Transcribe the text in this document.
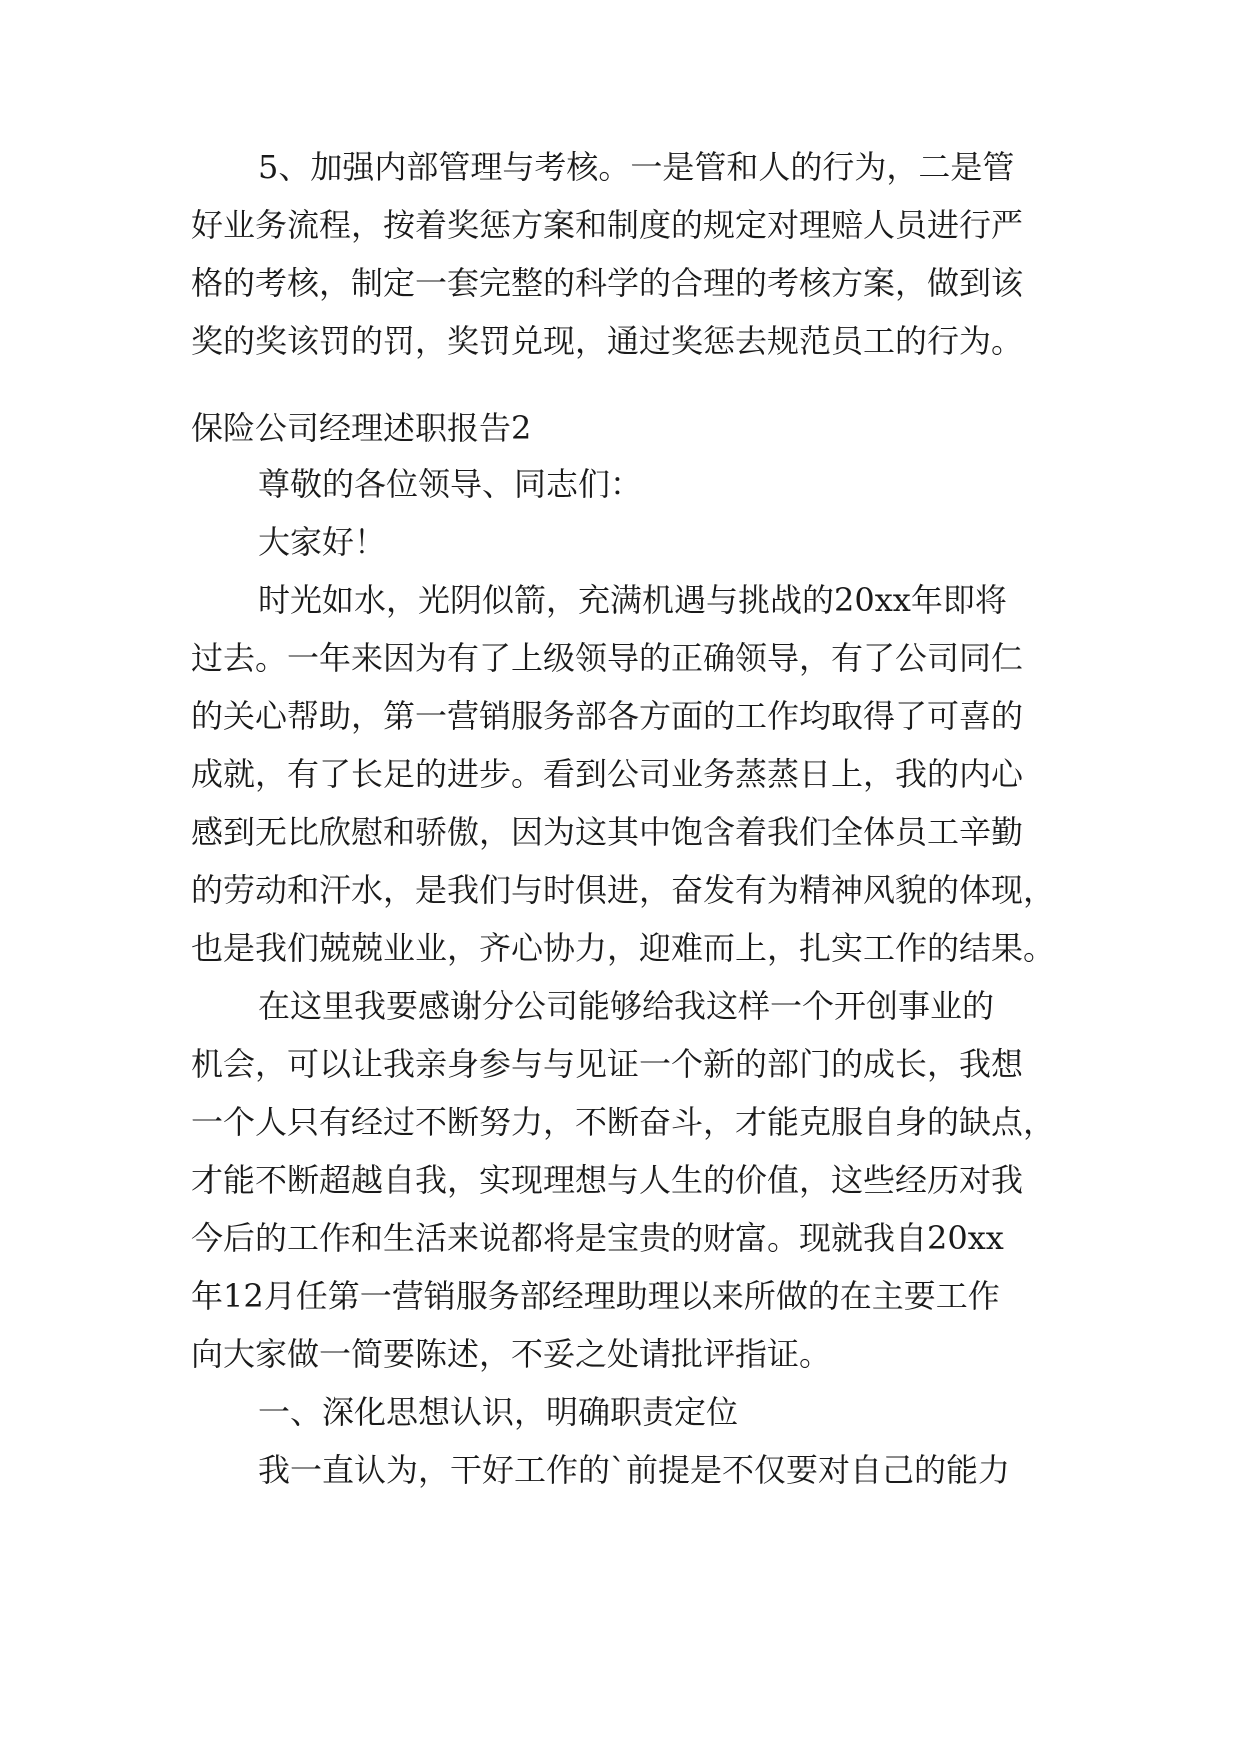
5、加强内部管理与考核。一是管和人的行为，二是管
好业务流程，按着奖惩方案和制度的规定对理赔人员进行严
格的考核，制定一套完整的科学的合理的考核方案，做到该
奖的奖该罚的罚，奖罚兑现，通过奖惩去规范员工的行为。
保险公司经理述职报告2
尊敬的各位领导、同志们：
大家好！
时光如水，光阴似箭，充满机遇与挑战的20xx年即将
过去。一年来因为有了上级领导的正确领导，有了公司同仁
的关心帮助，第一营销服务部各方面的工作均取得了可喜的
成就，有了长足的进步。看到公司业务蒸蒸日上，我的内心
感到无比欣慰和骄傲，因为这其中饱含着我们全体员工辛勤
的劳动和汗水，是我们与时俱进，奋发有为精神风貌的体现，
也是我们兢兢业业，齐心协力，迎难而上，扎实工作的结果。
在这里我要感谢分公司能够给我这样一个开创事业的
机会，可以让我亲身参与与见证一个新的部门的成长，我想
一个人只有经过不断努力，不断奋斗，才能克服自身的缺点，
才能不断超越自我，实现理想与人生的价值，这些经历对我
今后的工作和生活来说都将是宝贵的财富。现就我自20xx
年12月任第一营销服务部经理助理以来所做的在主要工作
向大家做一简要陈述，不妥之处请批评指证。
一、深化思想认识，明确职责定位
我一直认为，干好工作的`前提是不仅要对自己的能力
